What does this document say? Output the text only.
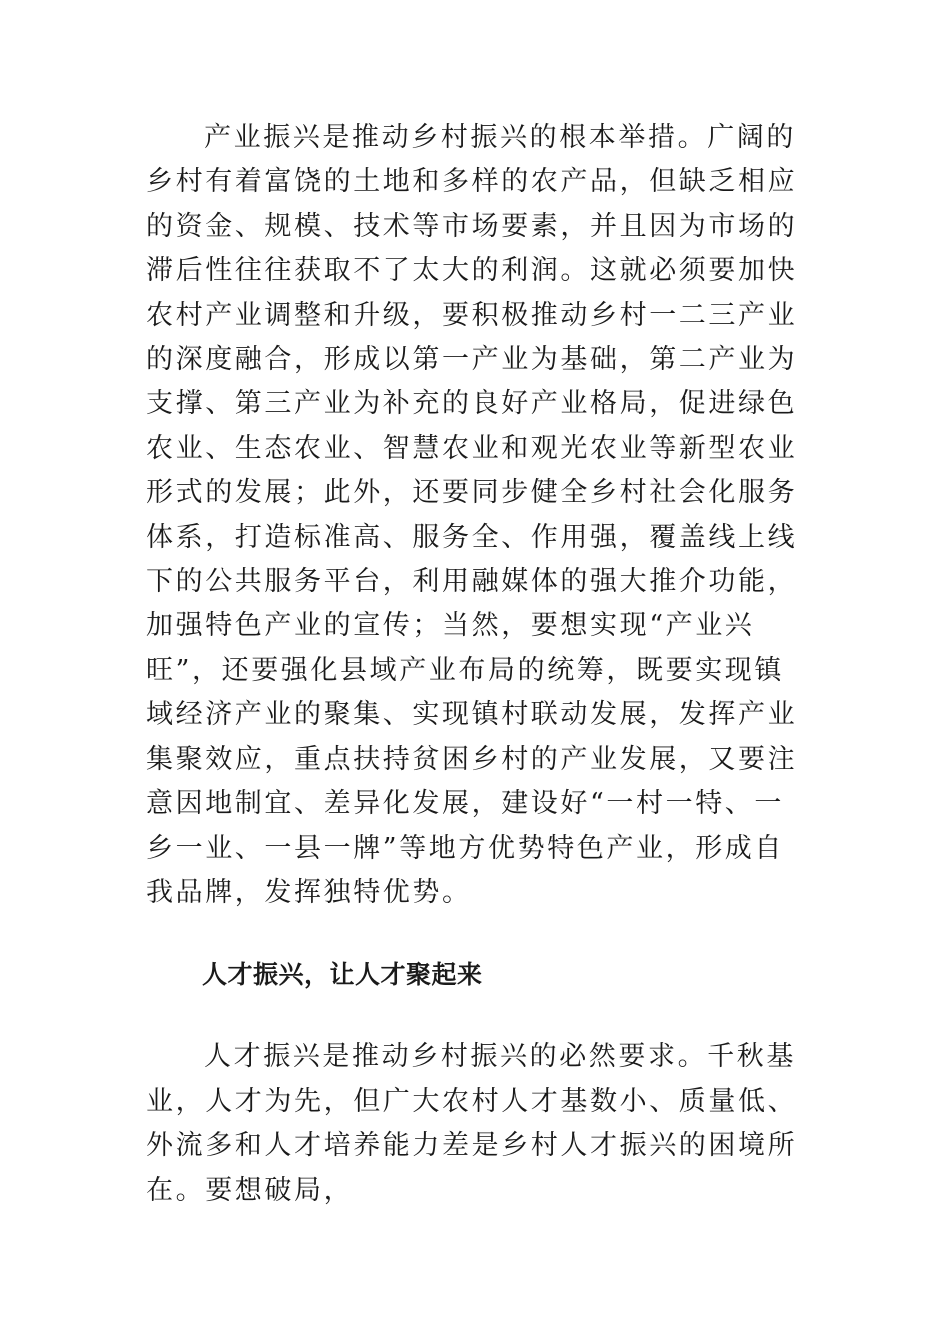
产业振兴是推动乡村振兴的根本举措。广阔的乡村有着富饶的土地和多样的农产品，但缺乏相应的资金、规模、技术等市场要素，并且因为市场的滞后性往往获取不了太大的利润。这就必须要加快农村产业调整和升级，要积极推动乡村一二三产业的深度融合，形成以第一产业为基础，第二产业为支撑、第三产业为补充的良好产业格局，促进绿色农业、生态农业、智慧农业和观光农业等新型农业形式的发展；此外，还要同步健全乡村社会化服务体系，打造标准高、服务全、作用强，覆盖线上线下的公共服务平台，利用融媒体的强大推介功能，加强特色产业的宣传；当然，要想实现“产业兴旺”，还要强化县域产业布局的统筹，既要实现镇域经济产业的聚集、实现镇村联动发展，发挥产业集聚效应，重点扶持贫困乡村的产业发展，又要注意因地制宜、差异化发展，建设好“一村一特、一乡一业、一县一牌”等地方优势特色产业，形成自我品牌，发挥独特优势。

人才振兴，让人才聚起来

人才振兴是推动乡村振兴的必然要求。千秋基业，人才为先，但广大农村人才基数小、质量低、外流多和人才培养能力差是乡村人才振兴的困境所在。要想破局，
